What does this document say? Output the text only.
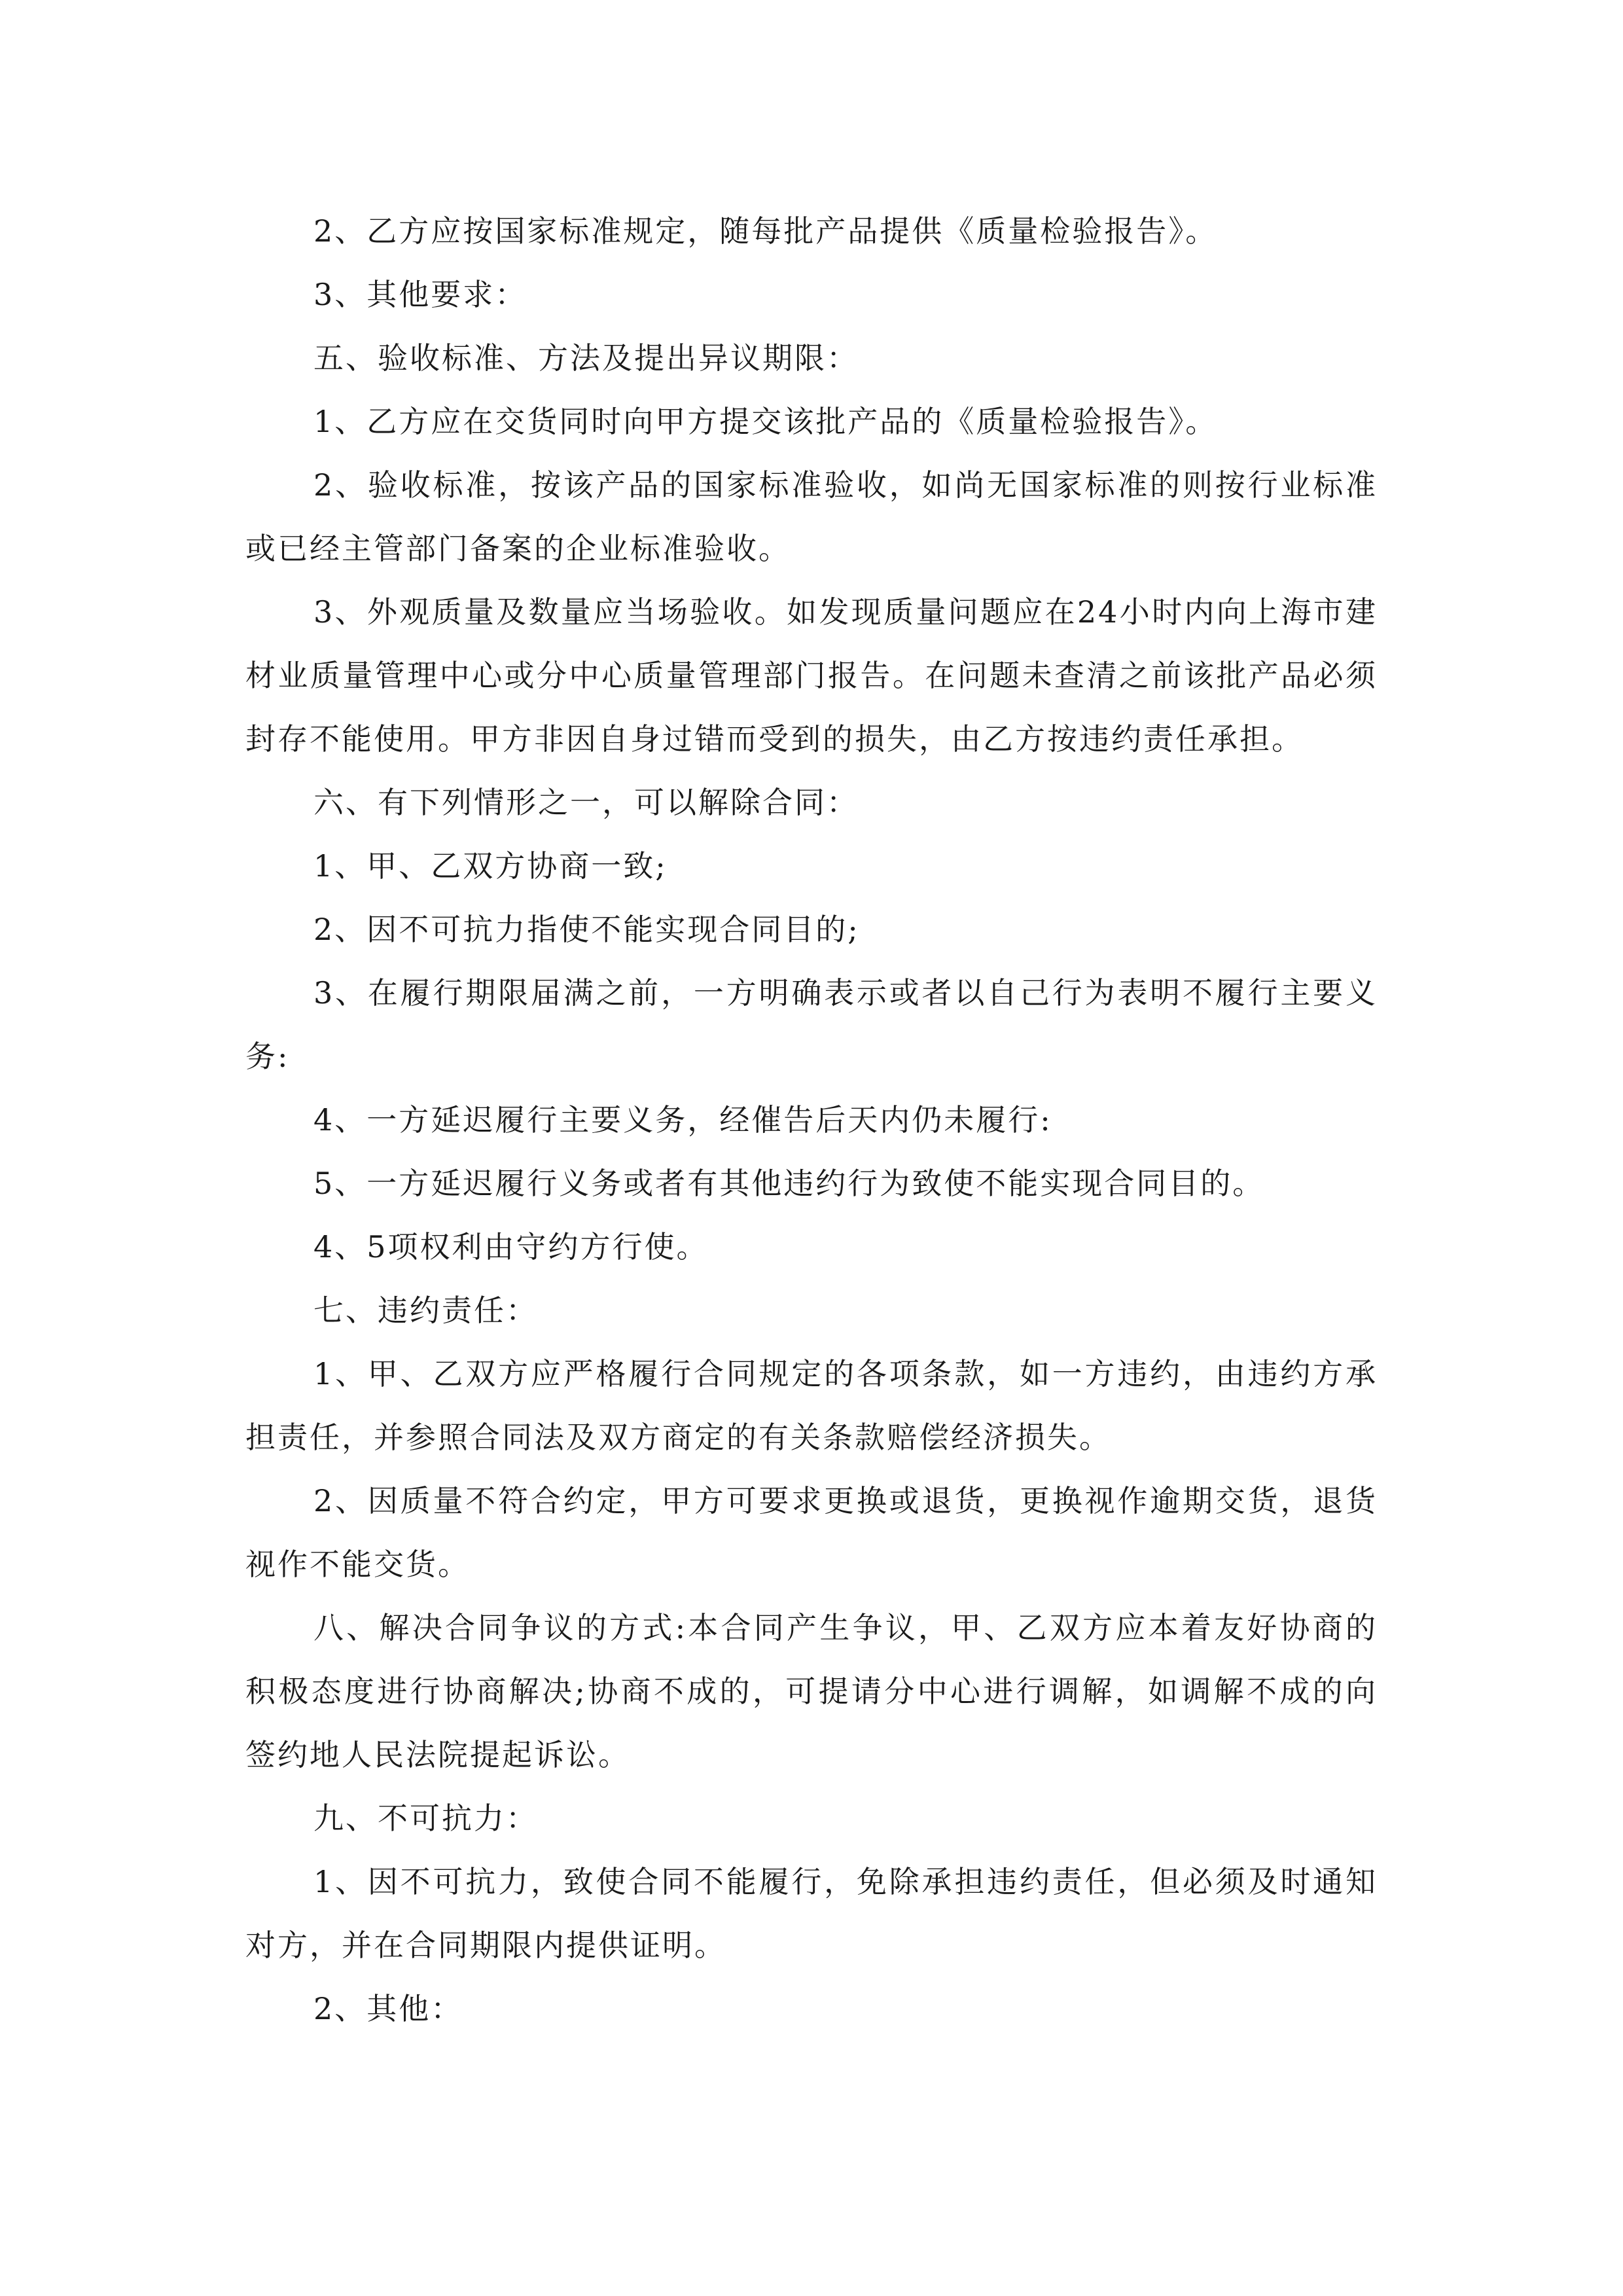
2、乙方应按国家标准规定，随每批产品提供《质量检验报告》。

3、其他要求：

五、验收标准、方法及提出异议期限：

1、乙方应在交货同时向甲方提交该批产品的《质量检验报告》。

2、验收标准，按该产品的国家标准验收，如尚无国家标准的则按行业标准或已经主管部门备案的企业标准验收。

3、外观质量及数量应当场验收。如发现质量问题应在24小时内向上海市建材业质量管理中心或分中心质量管理部门报告。在问题未查清之前该批产品必须封存不能使用。甲方非因自身过错而受到的损失，由乙方按违约责任承担。

六、有下列情形之一，可以解除合同：

1、甲、乙双方协商一致;

2、因不可抗力指使不能实现合同目的;

3、在履行期限届满之前，一方明确表示或者以自己行为表明不履行主要义务:

4、一方延迟履行主要义务，经催告后天内仍未履行:

5、一方延迟履行义务或者有其他违约行为致使不能实现合同目的。

4、5项权利由守约方行使。

七、违约责任：

1、甲、乙双方应严格履行合同规定的各项条款，如一方违约，由违约方承担责任，并参照合同法及双方商定的有关条款赔偿经济损失。

2、因质量不符合约定，甲方可要求更换或退货，更换视作逾期交货，退货视作不能交货。

八、解决合同争议的方式:本合同产生争议，甲、乙双方应本着友好协商的积极态度进行协商解决;协商不成的，可提请分中心进行调解，如调解不成的向签约地人民法院提起诉讼。

九、不可抗力：

1、因不可抗力，致使合同不能履行，免除承担违约责任，但必须及时通知对方，并在合同期限内提供证明。

2、其他：
